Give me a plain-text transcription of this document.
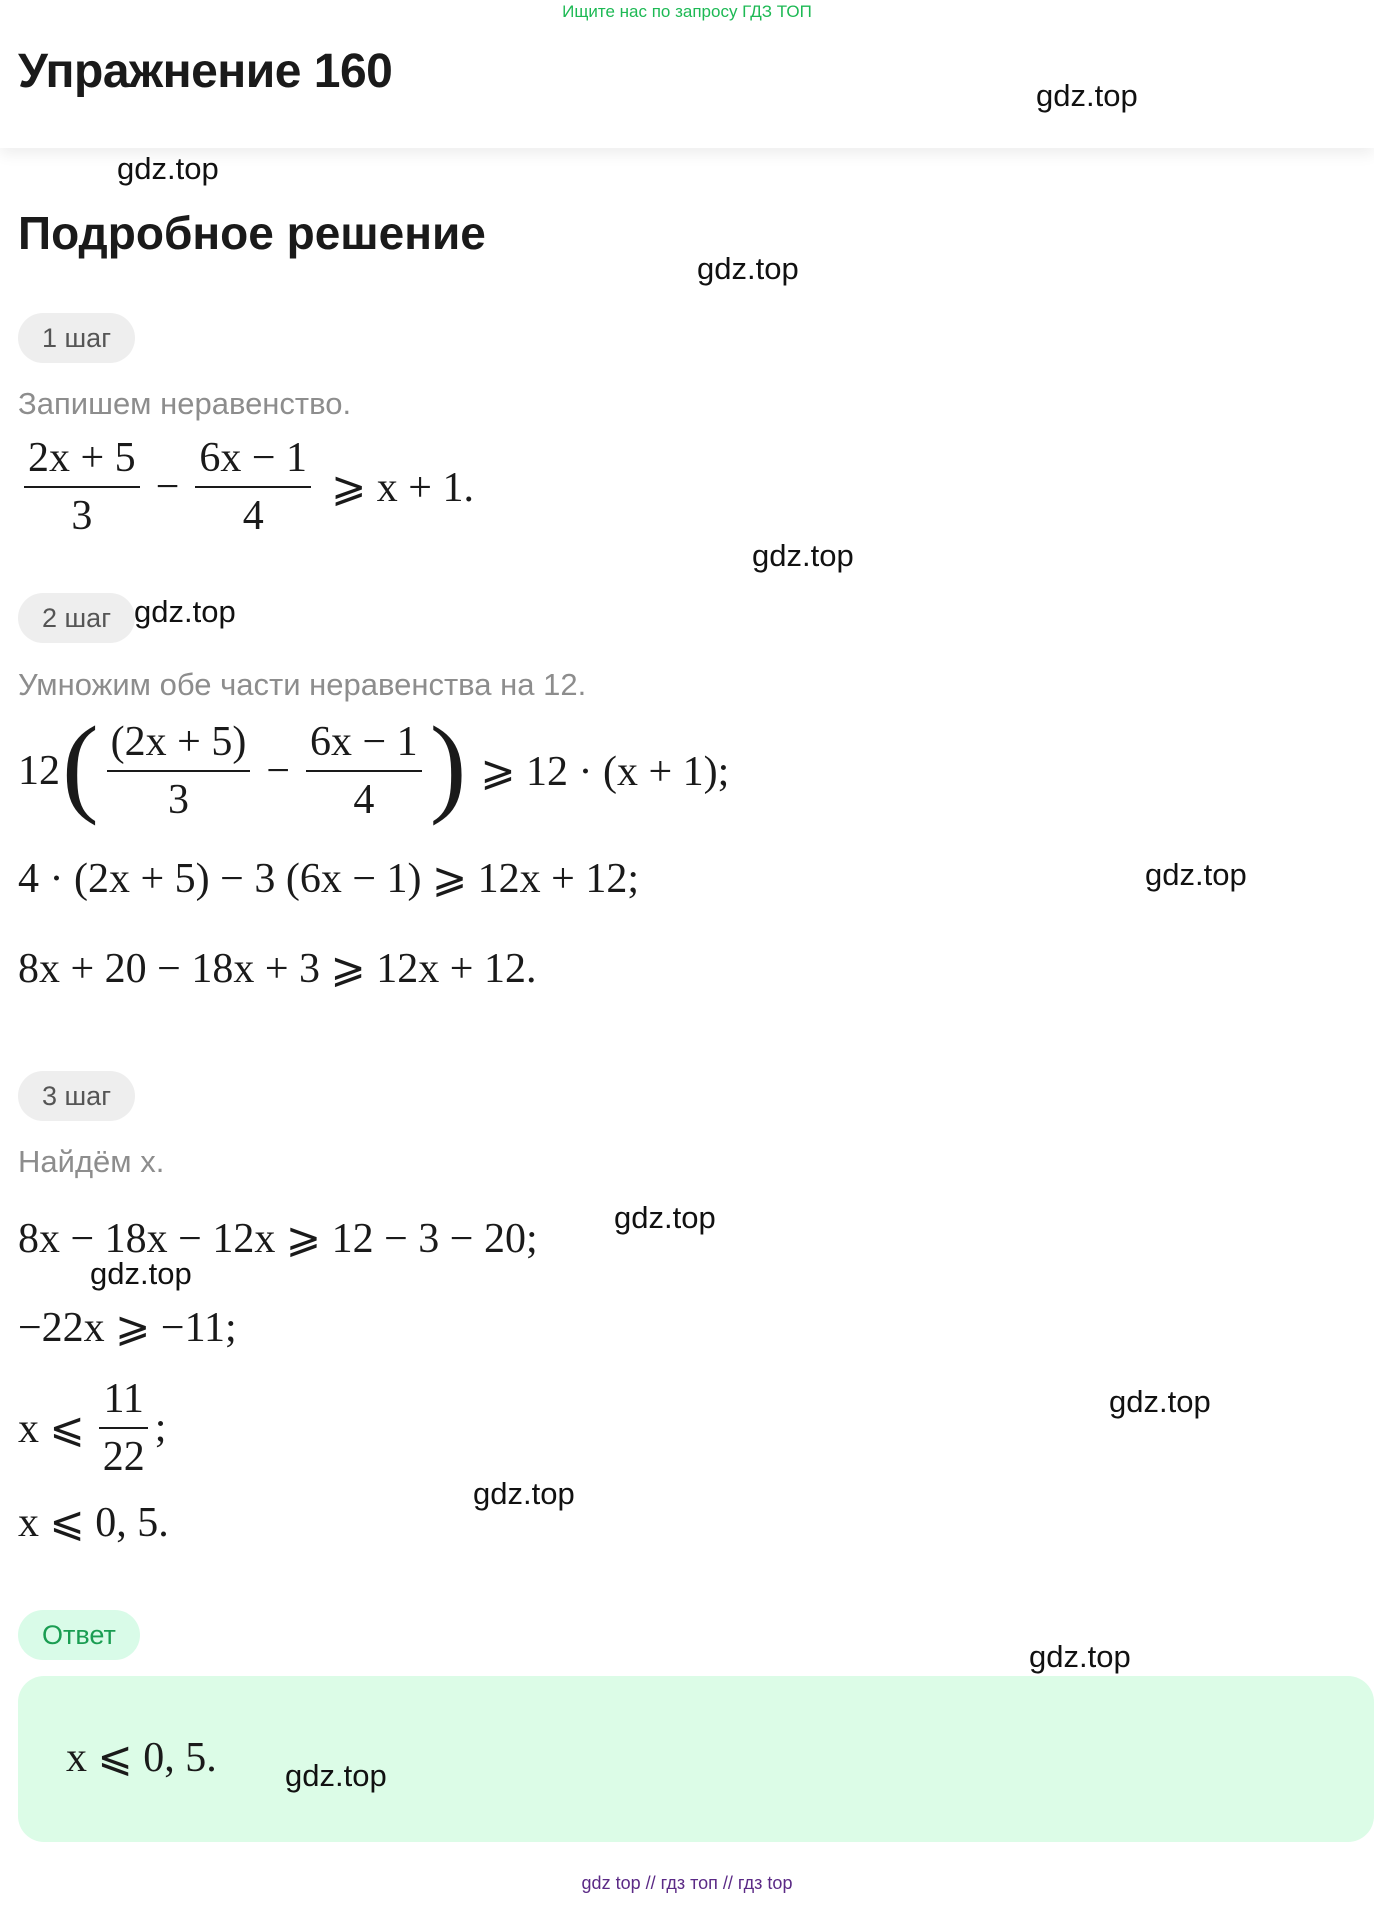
Ищите нас по запросу ГДЗ ТОП
Упражнение 160	gdz.top
gdz.top
Подробное решение
gdz.top
1 шаг
Запишем неравенство.
$\frac{2x + 5}{3} - \frac{6x - 1}{4}$ ⩾ x + 1.
gdz.top
2 шаг gdz.top
Умножим обе части неравенства на 12.
12 ( $\frac{(2x + 5)}{3} - \frac{6x - 1}{4}$ ) ⩾ 12 · (x + 1);
4 · (2x + 5) − 3 (6x − 1) ⩾ 12x + 12;	gdz.top
8x + 20 − 18x + 3 ⩾ 12x + 12.
3 шаг
Найдём x.
8x − 18x − 12x ⩾ 12 − 3 − 20; gdz.top
gdz.top
−22x ⩾ −11;
x ⩽ $\frac{11}{22}$ ;
gdz.top
gdz.top
x ⩽ 0, 5.
Ответ
gdz.top
x ⩽ 0, 5. gdz.top
gdz top // гдз топ // гдз top
